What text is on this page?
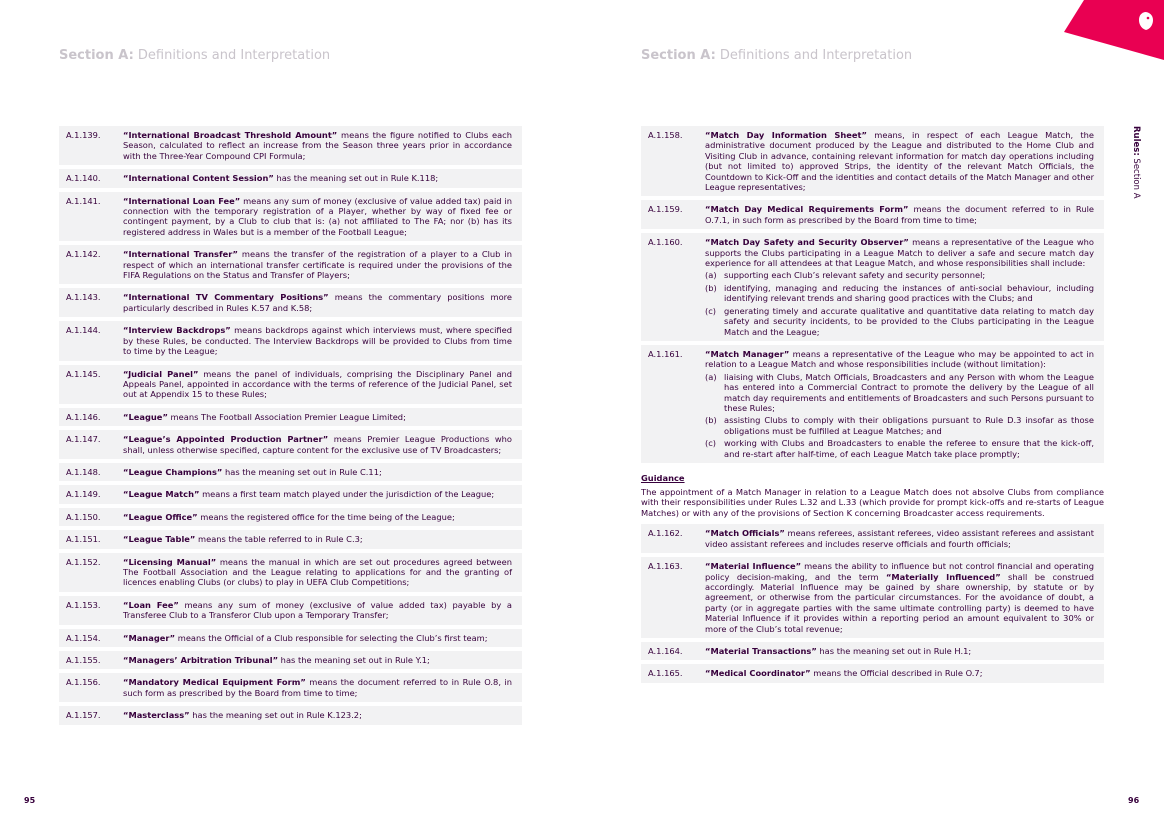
Section A: Definitions and Interpretation
A.1.139.	“International Broadcast Threshold Amount” means the figure notified to Clubs each Season, calculated to reflect an increase from the Season three years prior in accordance with the Three-Year Compound CPI Formula;
A.1.140.	“International Content Session” has the meaning set out in Rule K.118;
A.1.141.	“International Loan Fee” means any sum of money (exclusive of value added tax) paid in connection with the temporary registration of a Player, whether by way of fixed fee or contingent payment, by a Club to club that is: (a) not affiliated to The FA; nor (b) has its registered address in Wales but is a member of the Football League;
A.1.142.	“International Transfer” means the transfer of the registration of a player to a Club in respect of which an international transfer certificate is required under the provisions of the FIFA Regulations on the Status and Transfer of Players;
A.1.143.	“International TV Commentary Positions” means the commentary positions more particularly described in Rules K.57 and K.58;
A.1.144.	“Interview Backdrops” means backdrops against which interviews must, where specified by these Rules, be conducted. The Interview Backdrops will be provided to Clubs from time to time by the League;
A.1.145.	“Judicial Panel” means the panel of individuals, comprising the Disciplinary Panel and Appeals Panel, appointed in accordance with the terms of reference of the Judicial Panel, set out at Appendix 15 to these Rules;
A.1.146.	“League” means The Football Association Premier League Limited;
A.1.147.	“League’s Appointed Production Partner” means Premier League Productions who shall, unless otherwise specified, capture content for the exclusive use of TV Broadcasters;
A.1.148.	“League Champions” has the meaning set out in Rule C.11;
A.1.149.	“League Match” means a first team match played under the jurisdiction of the League;
A.1.150.	“League Office” means the registered office for the time being of the League;
A.1.151.	“League Table” means the table referred to in Rule C.3;
A.1.152.	“Licensing Manual” means the manual in which are set out procedures agreed between The Football Association and the League relating to applications for and the granting of licences enabling Clubs (or clubs) to play in UEFA Club Competitions;
A.1.153.	“Loan Fee” means any sum of money (exclusive of value added tax) payable by a Transferee Club to a Transferor Club upon a Temporary Transfer;
A.1.154.	“Manager” means the Official of a Club responsible for selecting the Club’s first team;
A.1.155.	“Managers’ Arbitration Tribunal” has the meaning set out in Rule Y.1;
A.1.156.	“Mandatory Medical Equipment Form” means the document referred to in Rule O.8, in such form as prescribed by the Board from time to time;
A.1.157.	“Masterclass” has the meaning set out in Rule K.123.2;
95
Section A: Definitions and Interpretation
A.1.158.	“Match Day Information Sheet” means, in respect of each League Match, the administrative document produced by the League and distributed to the Home Club and Visiting Club in advance, containing relevant information for match day operations including (but not limited to) approved Strips, the identity of the relevant Match Officials, the Countdown to Kick-Off and the identities and contact details of the Match Manager and other League representatives;
A.1.159.	“Match Day Medical Requirements Form” means the document referred to in Rule O.7.1, in such form as prescribed by the Board from time to time;
A.1.160.	“Match Day Safety and Security Observer” means a representative of the League who supports the Clubs participating in a League Match to deliver a safe and secure match day experience for all attendees at that League Match, and whose responsibilities shall include:
(a) supporting each Club’s relevant safety and security personnel;
(b) identifying, managing and reducing the instances of anti-social behaviour, including identifying relevant trends and sharing good practices with the Clubs; and
(c) generating timely and accurate qualitative and quantitative data relating to match day safety and security incidents, to be provided to the Clubs participating in the League Match and the League;
A.1.161.	“Match Manager” means a representative of the League who may be appointed to act in relation to a League Match and whose responsibilities include (without limitation):
(a) liaising with Clubs, Match Officials, Broadcasters and any Person with whom the League has entered into a Commercial Contract to promote the delivery by the League of all match day requirements and entitlements of Broadcasters and such Persons pursuant to these Rules;
(b) assisting Clubs to comply with their obligations pursuant to Rule D.3 insofar as those obligations must be fulfilled at League Matches; and
(c) working with Clubs and Broadcasters to enable the referee to ensure that the kick-off, and re-start after half-time, of each League Match take place promptly;
Guidance
The appointment of a Match Manager in relation to a League Match does not absolve Clubs from compliance with their responsibilities under Rules L.32 and L.33 (which provide for prompt kick-offs and re-starts of League Matches) or with any of the provisions of Section K concerning Broadcaster access requirements.
A.1.162.	“Match Officials” means referees, assistant referees, video assistant referees and assistant video assistant referees and includes reserve officials and fourth officials;
A.1.163.	“Material Influence” means the ability to influence but not control financial and operating policy decision-making, and the term “Materially Influenced” shall be construed accordingly. Material Influence may be gained by share ownership, by statute or by agreement, or otherwise from the particular circumstances. For the avoidance of doubt, a party (or in aggregate parties with the same ultimate controlling party) is deemed to have Material Influence if it provides within a reporting period an amount equivalent to 30% or more of the Club’s total revenue;
A.1.164.	“Material Transactions” has the meaning set out in Rule H.1;
A.1.165.	“Medical Coordinator” means the Official described in Rule O.7;
Rules: Section A
96
